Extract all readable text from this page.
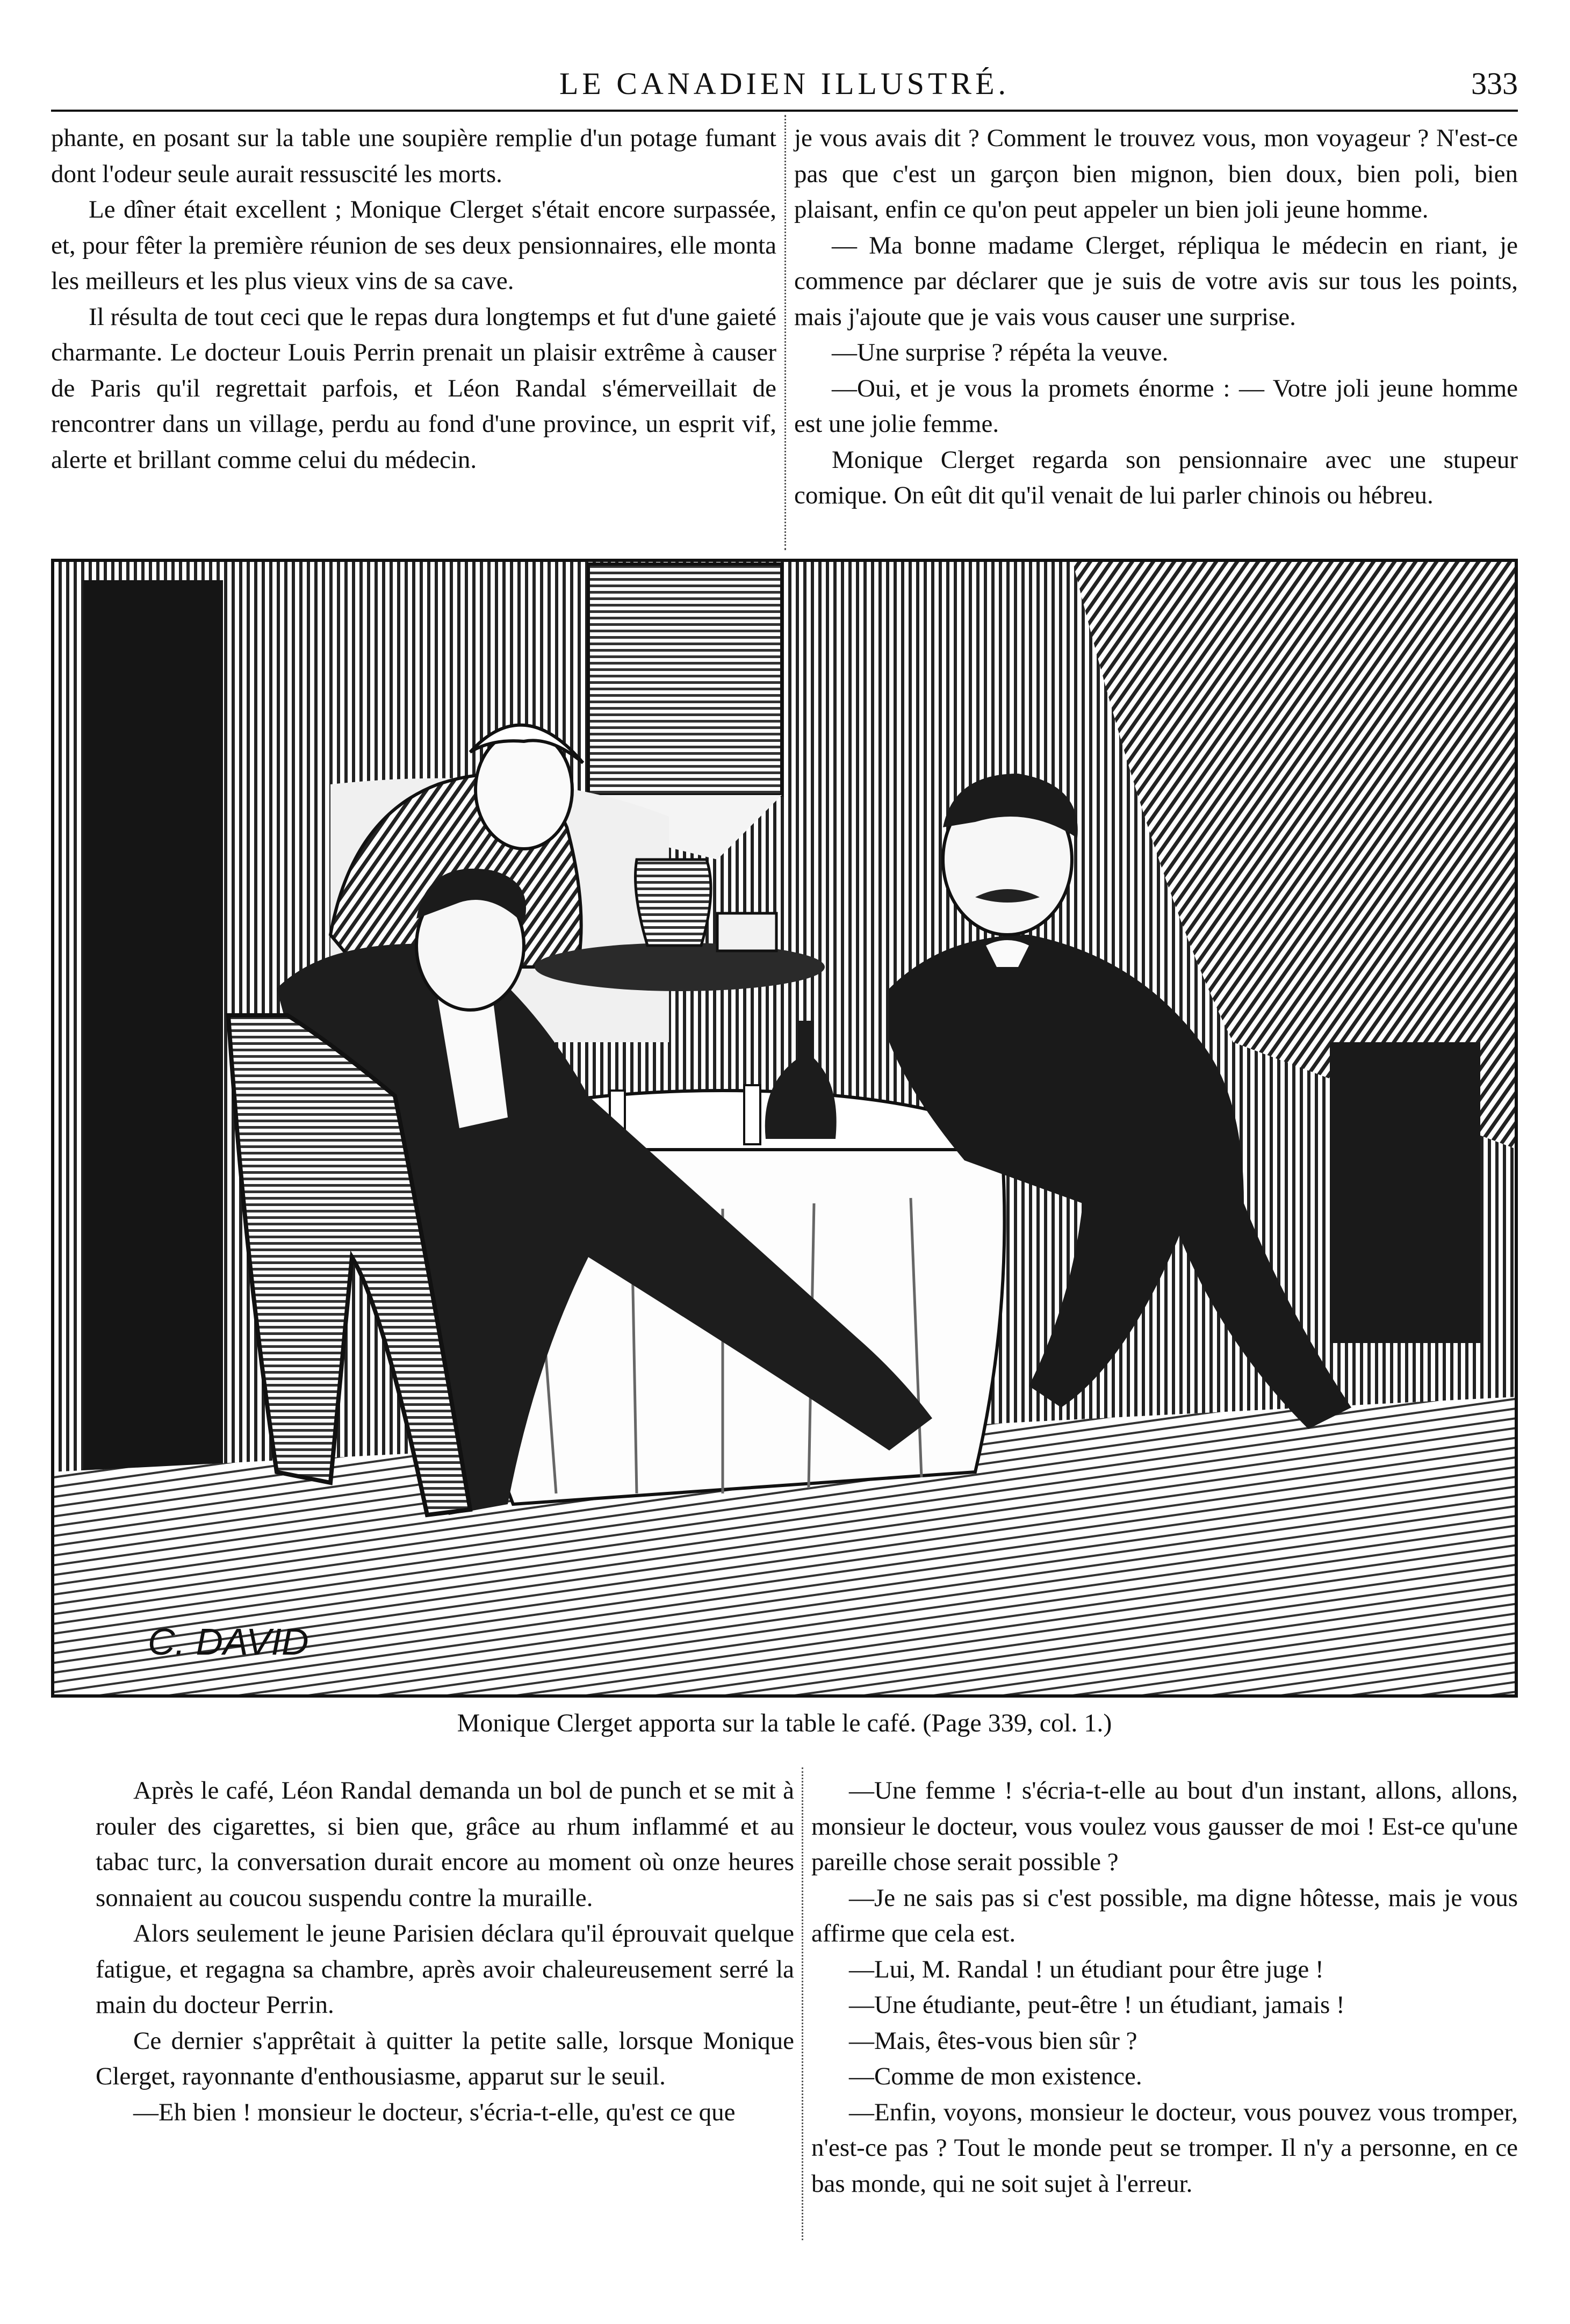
LE CANADIEN ILLUSTRÉ.	333

phante, en posant sur la table une soupière remplie d'un potage fumant dont l'odeur seule aurait ressuscité les morts.

Le dîner était excellent ; Monique Clerget s'était encore surpassée, et, pour fêter la première réunion de ses deux pensionnaires, elle monta les meilleurs et les plus vieux vins de sa cave.

Il résulta de tout ceci que le repas dura longtemps et fut d'une gaieté charmante. Le docteur Louis Perrin prenait un plaisir extrême à causer de Paris qu'il regrettait parfois, et Léon Randal s'émerveillait de rencontrer dans un village, perdu au fond d'une province, un esprit vif, alerte et brillant comme celui du médecin.

je vous avais dit ? Comment le trouvez vous, mon voyageur ? N'est-ce pas que c'est un garçon bien mignon, bien doux, bien poli, bien plaisant, enfin ce qu'on peut appeler un bien joli jeune homme.

— Ma bonne madame Clerget, répliqua le médecin en riant, je commence par déclarer que je suis de votre avis sur tous les points, mais j'ajoute que je vais vous causer une surprise.

—Une surprise ? répéta la veuve.

—Oui, et je vous la promets énorme : — Votre joli jeune homme est une jolie femme.

Monique Clerget regarda son pensionnaire avec une stupeur comique. On eût dit qu'il venait de lui parler chinois ou hébreu.

C. DAVID
Monique Clerget apporta sur la table le café. (Page 339, col. 1.)

Après le café, Léon Randal demanda un bol de punch et se mit à rouler des cigarettes, si bien que, grâce au rhum inflammé et au tabac turc, la conversation durait encore au moment où onze heures sonnaient au coucou suspendu contre la muraille.

Alors seulement le jeune Parisien déclara qu'il éprouvait quelque fatigue, et regagna sa chambre, après avoir chaleureusement serré la main du docteur Perrin.

Ce dernier s'apprêtait à quitter la petite salle, lorsque Monique Clerget, rayonnante d'enthousiasme, apparut sur le seuil.

—Eh bien ! monsieur le docteur, s'écria-t-elle, qu'est ce que

—Une femme ! s'écria-t-elle au bout d'un instant, allons, allons, monsieur le docteur, vous voulez vous gausser de moi ! Est-ce qu'une pareille chose serait possible ?

—Je ne sais pas si c'est possible, ma digne hôtesse, mais je vous affirme que cela est.

—Lui, M. Randal ! un étudiant pour être juge !

—Une étudiante, peut-être ! un étudiant, jamais !

—Mais, êtes-vous bien sûr ?

—Comme de mon existence.

—Enfin, voyons, monsieur le docteur, vous pouvez vous tromper, n'est-ce pas ? Tout le monde peut se tromper. Il n'y a personne, en ce bas monde, qui ne soit sujet à l'erreur.
